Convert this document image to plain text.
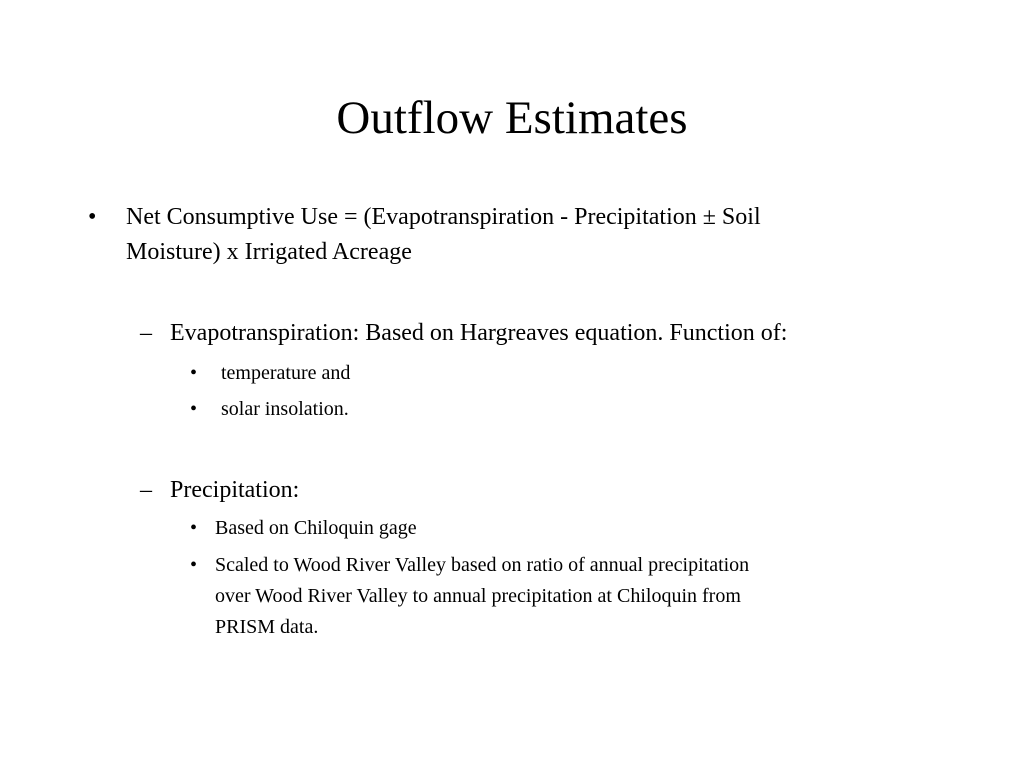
Outflow Estimates
• Net Consumptive Use = (Evapotranspiration - Precipitation ± Soil
Moisture) x Irrigated Acreage
– Evapotranspiration: Based on Hargreaves equation. Function of:
• temperature and
• solar insolation.
– Precipitation:
• Based on Chiloquin gage
• Scaled to Wood River Valley based on ratio of annual precipitation
over Wood River Valley to annual precipitation at Chiloquin from
PRISM data.
